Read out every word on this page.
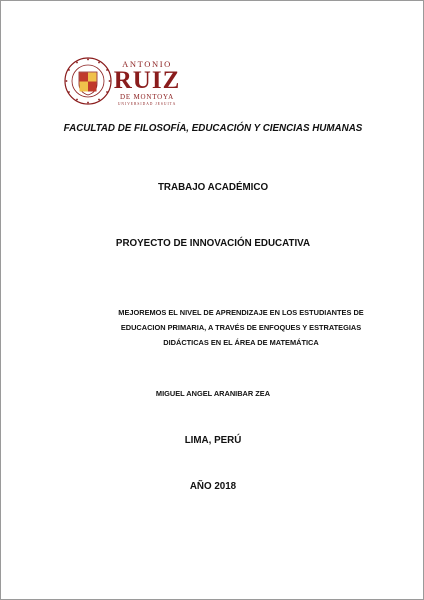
ANTONIO
RUIZ
DE MONTOYA
UNIVERSIDAD JESUITA
FACULTAD DE FILOSOFÍA, EDUCACIÓN Y CIENCIAS HUMANAS
TRABAJO ACADÉMICO
PROYECTO DE INNOVACIÓN EDUCATIVA
MEJOREMOS EL NIVEL DE APRENDIZAJE EN LOS ESTUDIANTES DE EDUCACION PRIMARIA, A TRAVÉS DE ENFOQUES Y ESTRATEGIAS DIDÁCTICAS EN EL ÁREA DE MATEMÁTICA
MIGUEL ANGEL ARANIBAR ZEA
LIMA, PERÚ
AÑO 2018
